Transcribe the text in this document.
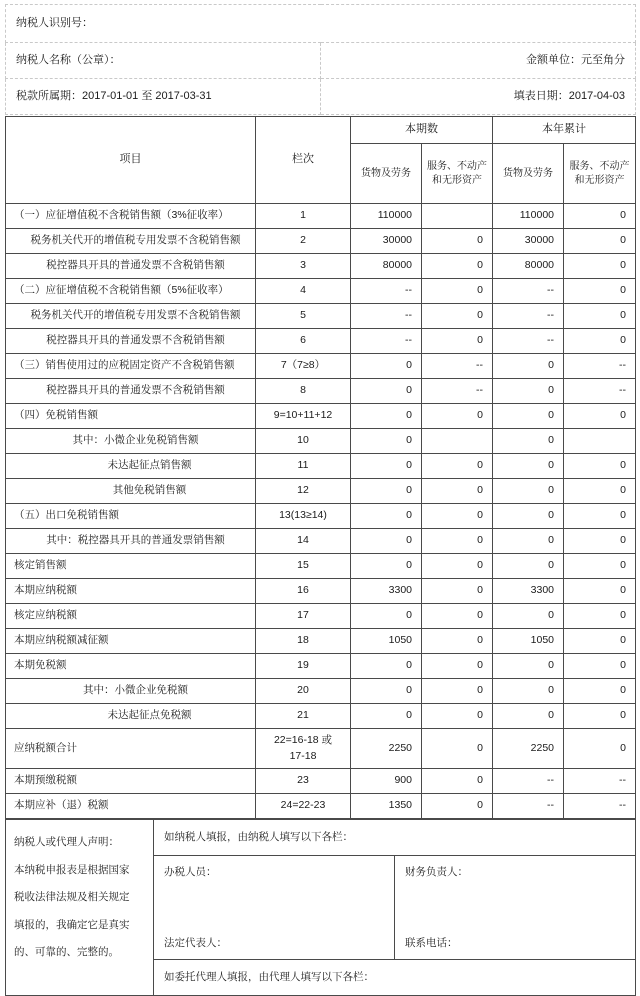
纳税人识别号：	
纳税人名称（公章）：	金额单位：元至角分
税款所属期：2017-01-01 至 2017-03-31	填表日期：2017-04-03
项目	栏次	本期数		本年累计	
		货物及劳务	服务、不动产
和无形资产	货物及劳务	服务、不动产
和无形资产
（一）应征增值税不含税销售额（3%征收率）	1	110000		110000	0
税务机关代开的增值税专用发票不含税销售额	2	30000	0	30000	0
税控器具开具的普通发票不含税销售额	3	80000	0	80000	0
（二）应征增值税不含税销售额（5%征收率）	4	--	0	--	0
税务机关代开的增值税专用发票不含税销售额	5	--	0	--	0
税控器具开具的普通发票不含税销售额	6	--	0	--	0
（三）销售使用过的应税固定资产不含税销售额	7（7≥8）	0	--	0	--
税控器具开具的普通发票不含税销售额	8	0	--	0	--
（四）免税销售额	9=10+11+12	0	0	0	0
其中：小微企业免税销售额	10	0		0	
未达起征点销售额	11	0	0	0	0
其他免税销售额	12	0	0	0	0
（五）出口免税销售额	13(13≥14)	0	0	0	0
其中：税控器具开具的普通发票销售额	14	0	0	0	0
核定销售额	15	0	0	0	0
本期应纳税额	16	3300	0	3300	0
核定应纳税额	17	0	0	0	0
本期应纳税额减征额	18	1050	0	1050	0
本期免税额	19	0	0	0	0
其中：小微企业免税额	20	0	0	0	0
未达起征点免税额	21	0	0	0	0
应纳税额合计	22=16-18 或
17-18	2250	0	2250	0
本期预缴税额	23	900	0	--	--
本期应补（退）税额	24=22-23	1350	0	--	--
纳税人或代理人声明：
本纳税申报表是根据国家
税收法律法规及相关规定
填报的，我确定它是真实
的、可靠的、完整的。	如纳税人填报，由纳税人填写以下各栏：	

办税人员：
法定代表人：

财务负责人：
联系电话：

	如委托代理人填报，由代理人填写以下各栏：	
